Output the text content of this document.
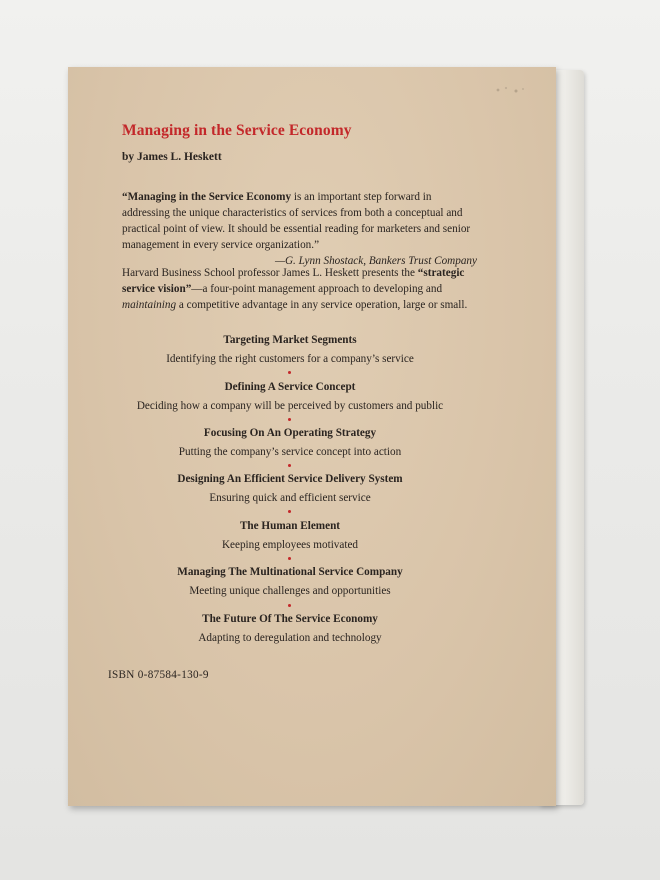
Managing in the Service Economy
by James L. Heskett
“Managing in the Service Economy is an important step forward in addressing the unique characteristics of services from both a conceptual and practical point of view. It should be essential reading for marketers and senior management in every service organization.”
—G. Lynn Shostack, Bankers Trust Company
Harvard Business School professor James L. Heskett presents the “strategic service vision”—a four-point management approach to developing and maintaining a competitive advantage in any service operation, large or small.
Targeting Market Segments
Identifying the right customers for a company’s service
Defining A Service Concept
Deciding how a company will be perceived by customers and public
Focusing On An Operating Strategy
Putting the company’s service concept into action
Designing An Efficient Service Delivery System
Ensuring quick and efficient service
The Human Element
Keeping employees motivated
Managing The Multinational Service Company
Meeting unique challenges and opportunities
The Future Of The Service Economy
Adapting to deregulation and technology
ISBN 0-87584-130-9
